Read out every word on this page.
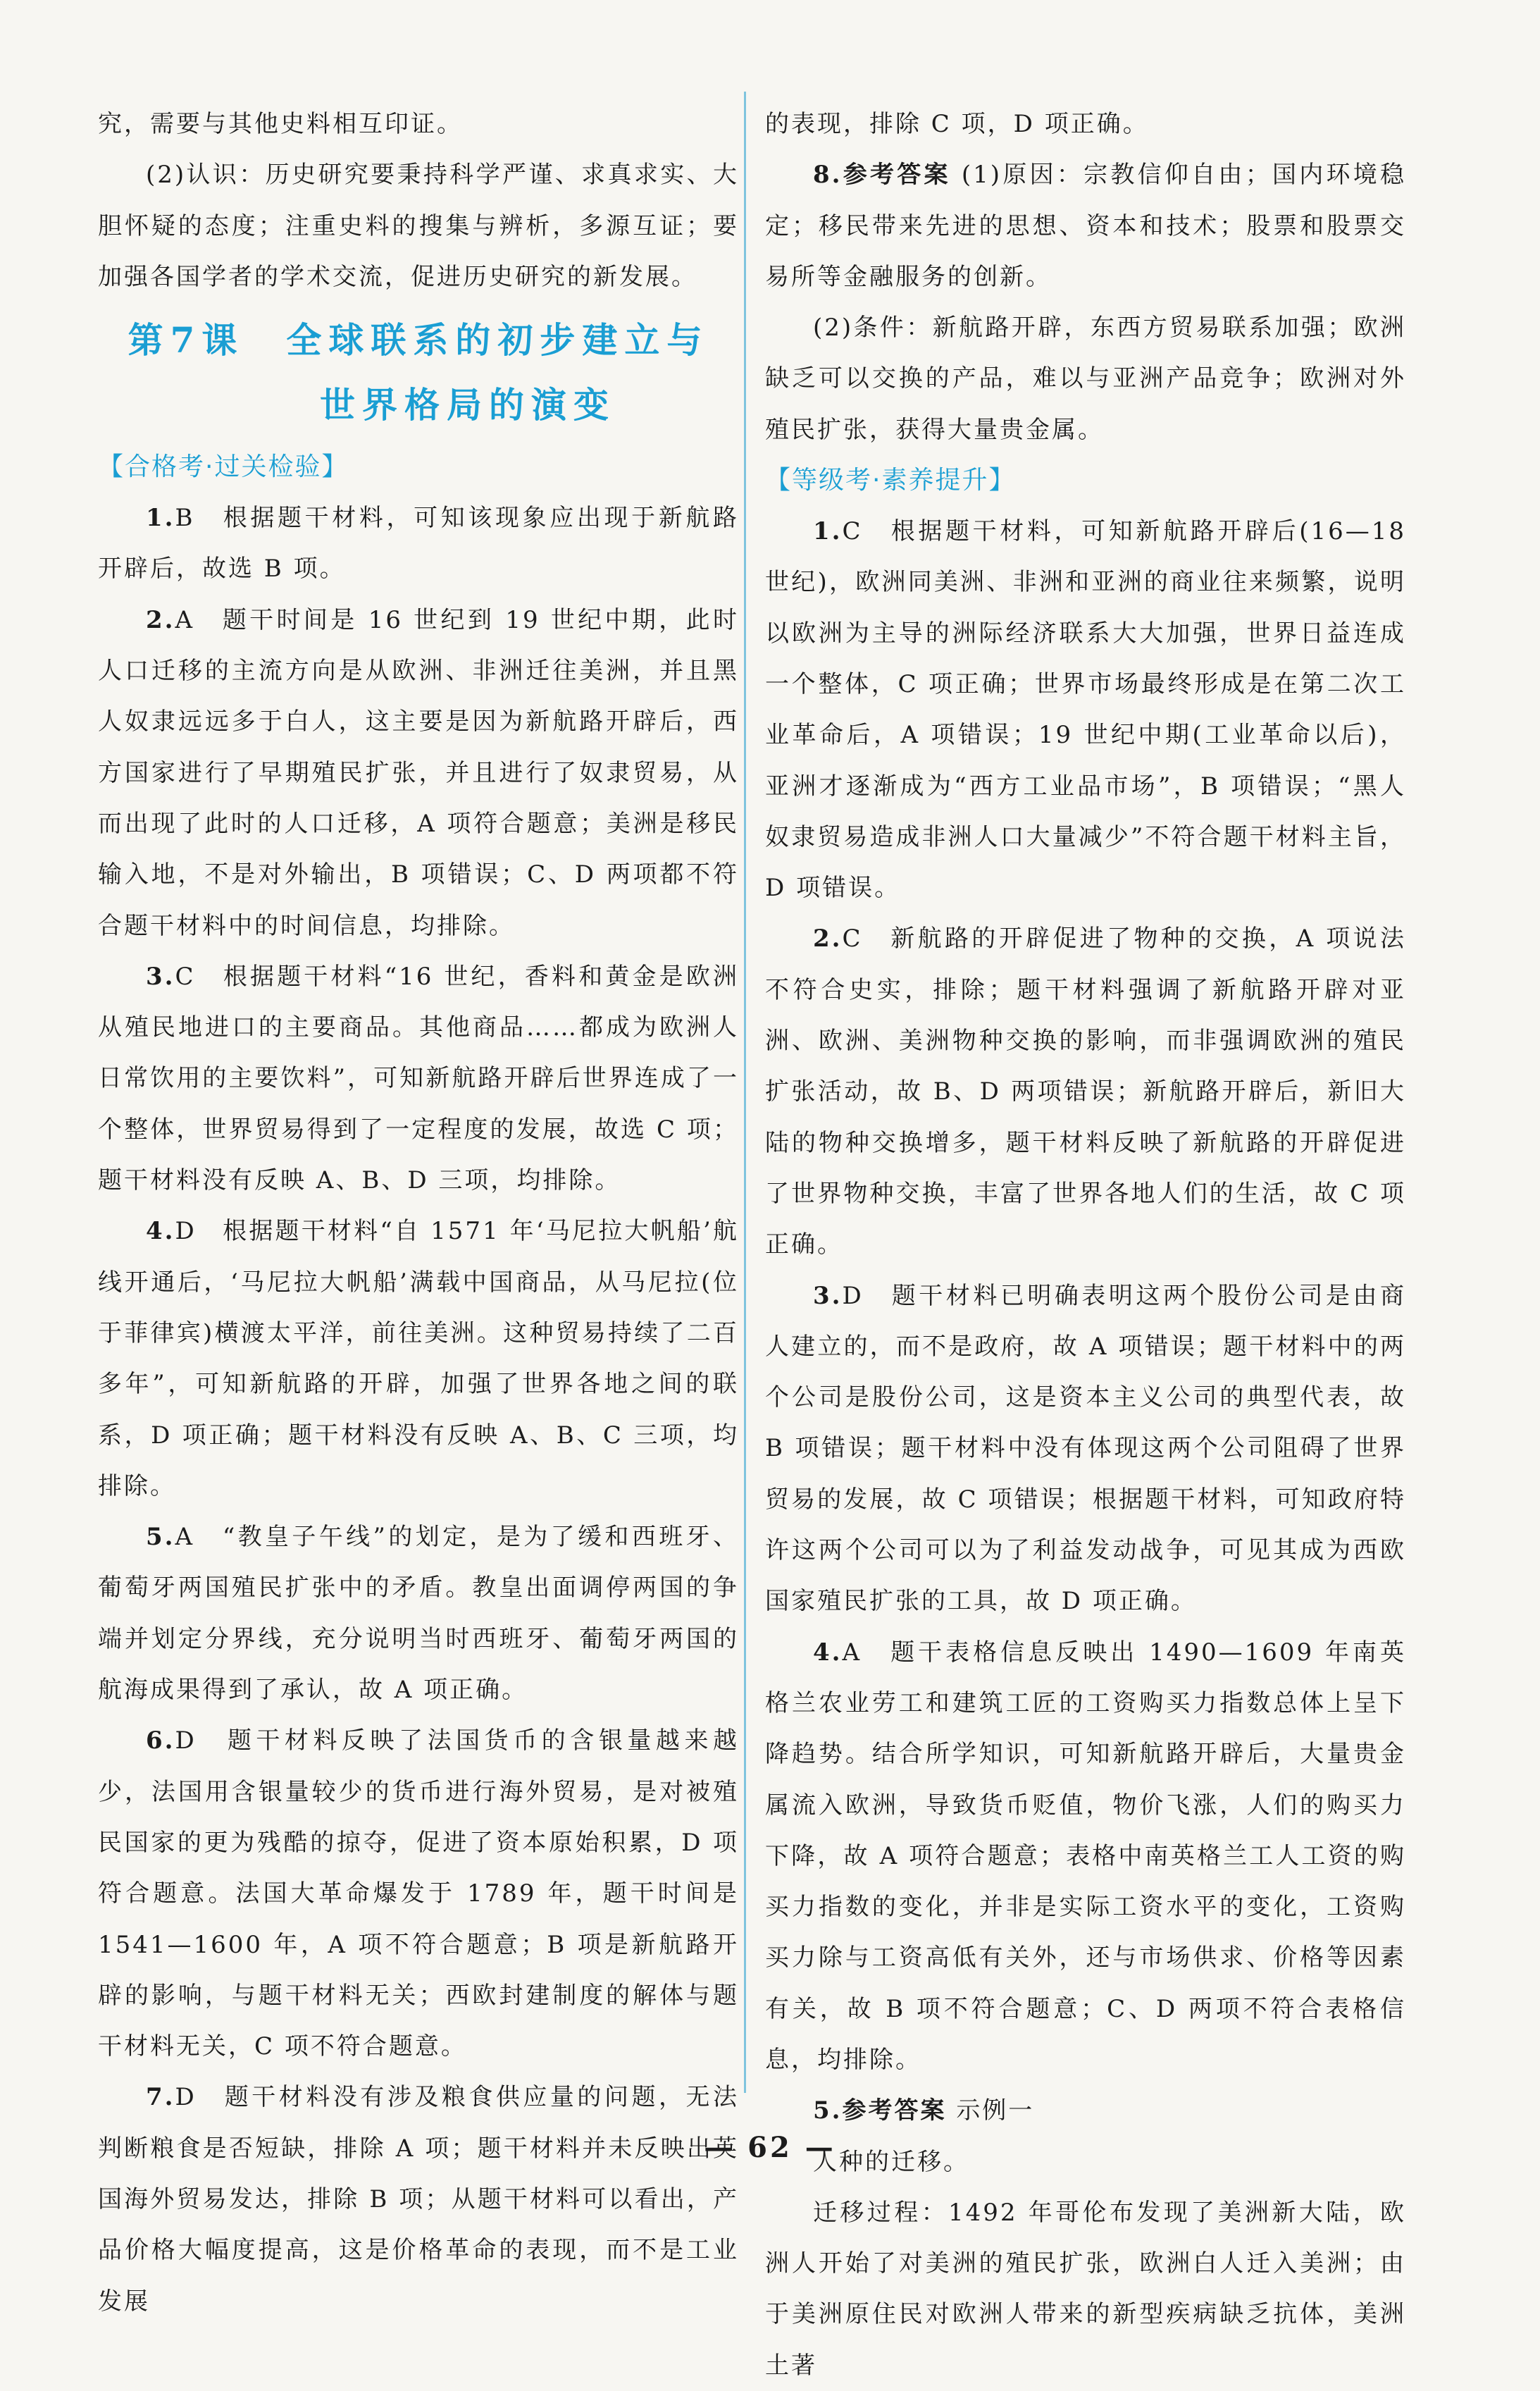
究，需要与其他史料相互印证。

(2)认识：历史研究要秉持科学严谨、求真求实、大胆怀疑的态度；注重史料的搜集与辨析，多源互证；要加强各国学者的学术交流，促进历史研究的新发展。

第7课　全球联系的初步建立与
世界格局的演变
【合格考·过关检验】

1.B　根据题干材料，可知该现象应出现于新航路开辟后，故选 B 项。

2.A　题干时间是 16 世纪到 19 世纪中期，此时人口迁移的主流方向是从欧洲、非洲迁往美洲，并且黑人奴隶远远多于白人，这主要是因为新航路开辟后，西方国家进行了早期殖民扩张，并且进行了奴隶贸易，从而出现了此时的人口迁移，A 项符合题意；美洲是移民输入地，不是对外输出，B 项错误；C、D 两项都不符合题干材料中的时间信息，均排除。

3.C　根据题干材料“16 世纪，香料和黄金是欧洲从殖民地进口的主要商品。其他商品……都成为欧洲人日常饮用的主要饮料”，可知新航路开辟后世界连成了一个整体，世界贸易得到了一定程度的发展，故选 C 项；题干材料没有反映 A、B、D 三项，均排除。

4.D　根据题干材料“自 1571 年‘马尼拉大帆船’航线开通后，‘马尼拉大帆船’满载中国商品，从马尼拉(位于菲律宾)横渡太平洋，前往美洲。这种贸易持续了二百多年”，可知新航路的开辟，加强了世界各地之间的联系，D 项正确；题干材料没有反映 A、B、C 三项，均排除。

5.A　“教皇子午线”的划定，是为了缓和西班牙、葡萄牙两国殖民扩张中的矛盾。教皇出面调停两国的争端并划定分界线，充分说明当时西班牙、葡萄牙两国的航海成果得到了承认，故 A 项正确。

6.D　题干材料反映了法国货币的含银量越来越少，法国用含银量较少的货币进行海外贸易，是对被殖民国家的更为残酷的掠夺，促进了资本原始积累，D 项符合题意。法国大革命爆发于 1789 年，题干时间是 1541—1600 年，A 项不符合题意；B 项是新航路开辟的影响，与题干材料无关；西欧封建制度的解体与题干材料无关，C 项不符合题意。

7.D　题干材料没有涉及粮食供应量的问题，无法判断粮食是否短缺，排除 A 项；题干材料并未反映出英国海外贸易发达，排除 B 项；从题干材料可以看出，产品价格大幅度提高，这是价格革命的表现，而不是工业发展

的表现，排除 C 项，D 项正确。

8.参考答案 (1)原因：宗教信仰自由；国内环境稳定；移民带来先进的思想、资本和技术；股票和股票交易所等金融服务的创新。

(2)条件：新航路开辟，东西方贸易联系加强；欧洲缺乏可以交换的产品，难以与亚洲产品竞争；欧洲对外殖民扩张，获得大量贵金属。

【等级考·素养提升】

1.C　根据题干材料，可知新航路开辟后(16—18 世纪)，欧洲同美洲、非洲和亚洲的商业往来频繁，说明以欧洲为主导的洲际经济联系大大加强，世界日益连成一个整体，C 项正确；世界市场最终形成是在第二次工业革命后，A 项错误；19 世纪中期(工业革命以后)，亚洲才逐渐成为“西方工业品市场”，B 项错误；“黑人奴隶贸易造成非洲人口大量减少”不符合题干材料主旨，D 项错误。

2.C　新航路的开辟促进了物种的交换，A 项说法不符合史实，排除；题干材料强调了新航路开辟对亚洲、欧洲、美洲物种交换的影响，而非强调欧洲的殖民扩张活动，故 B、D 两项错误；新航路开辟后，新旧大陆的物种交换增多，题干材料反映了新航路的开辟促进了世界物种交换，丰富了世界各地人们的生活，故 C 项正确。

3.D　题干材料已明确表明这两个股份公司是由商人建立的，而不是政府，故 A 项错误；题干材料中的两个公司是股份公司，这是资本主义公司的典型代表，故 B 项错误；题干材料中没有体现这两个公司阻碍了世界贸易的发展，故 C 项错误；根据题干材料，可知政府特许这两个公司可以为了利益发动战争，可见其成为西欧国家殖民扩张的工具，故 D 项正确。

4.A　题干表格信息反映出 1490—1609 年南英格兰农业劳工和建筑工匠的工资购买力指数总体上呈下降趋势。结合所学知识，可知新航路开辟后，大量贵金属流入欧洲，导致货币贬值，物价飞涨，人们的购买力下降，故 A 项符合题意；表格中南英格兰工人工资的购买力指数的变化，并非是实际工资水平的变化，工资购买力除与工资高低有关外，还与市场供求、价格等因素有关，故 B 项不符合题意；C、D 两项不符合表格信息，均排除。

5.参考答案 示例一

人种的迁移。

迁移过程：1492 年哥伦布发现了美洲新大陆，欧洲人开始了对美洲的殖民扩张，欧洲白人迁入美洲；由于美洲原住民对欧洲人带来的新型疾病缺乏抗体，美洲土著

— 62 —
